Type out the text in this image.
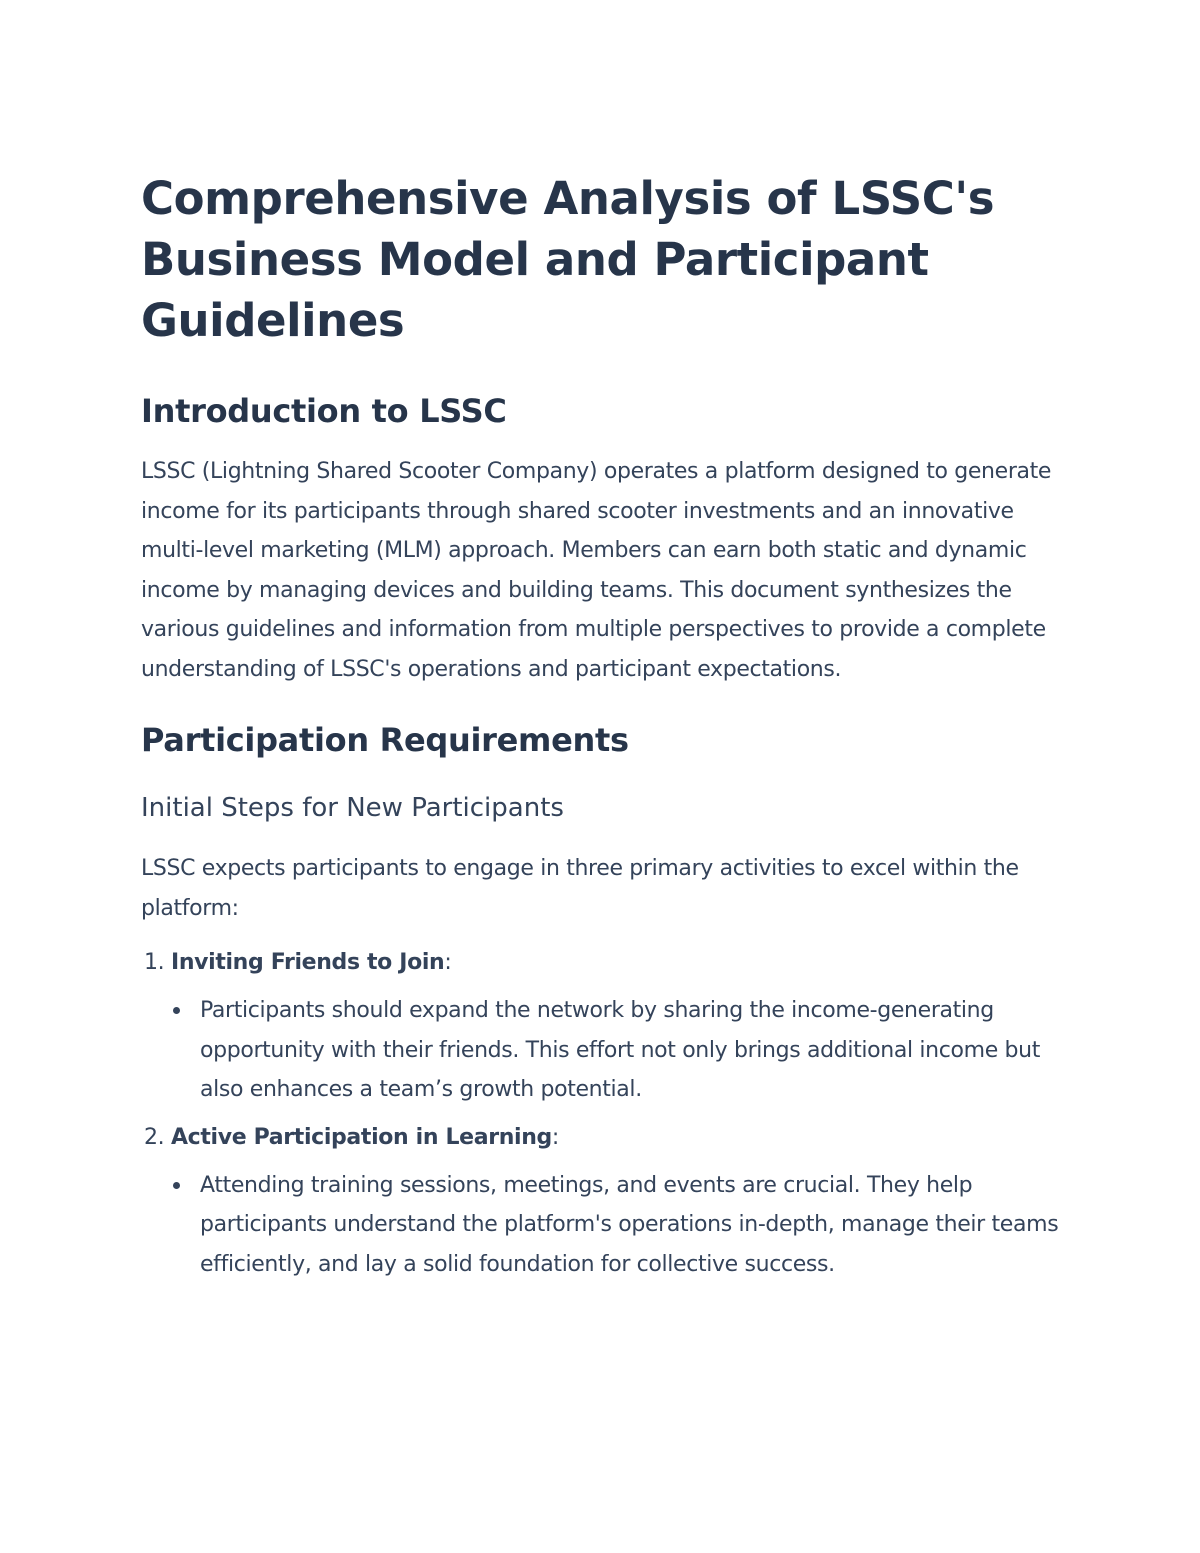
Comprehensive Analysis of LSSC's Business Model and Participant Guidelines
Introduction to LSSC

LSSC (Lightning Shared Scooter Company) operates a platform designed to generate income for its participants through shared scooter investments and an innovative multi-level marketing (MLM) approach. Members can earn both static and dynamic income by managing devices and building teams. This document synthesizes the various guidelines and information from multiple perspectives to provide a complete understanding of LSSC's operations and participant expectations.

Participation Requirements
Initial Steps for New Participants

LSSC expects participants to engage in three primary activities to excel within the platform:

1. Inviting Friends to Join:
Participants should expand the network by sharing the income-generating opportunity with their friends. This effort not only brings additional income but also enhances a team’s growth potential.
2. Active Participation in Learning:
Attending training sessions, meetings, and events are crucial. They help participants understand the platform's operations in-depth, manage their teams efficiently, and lay a solid foundation for collective success.
